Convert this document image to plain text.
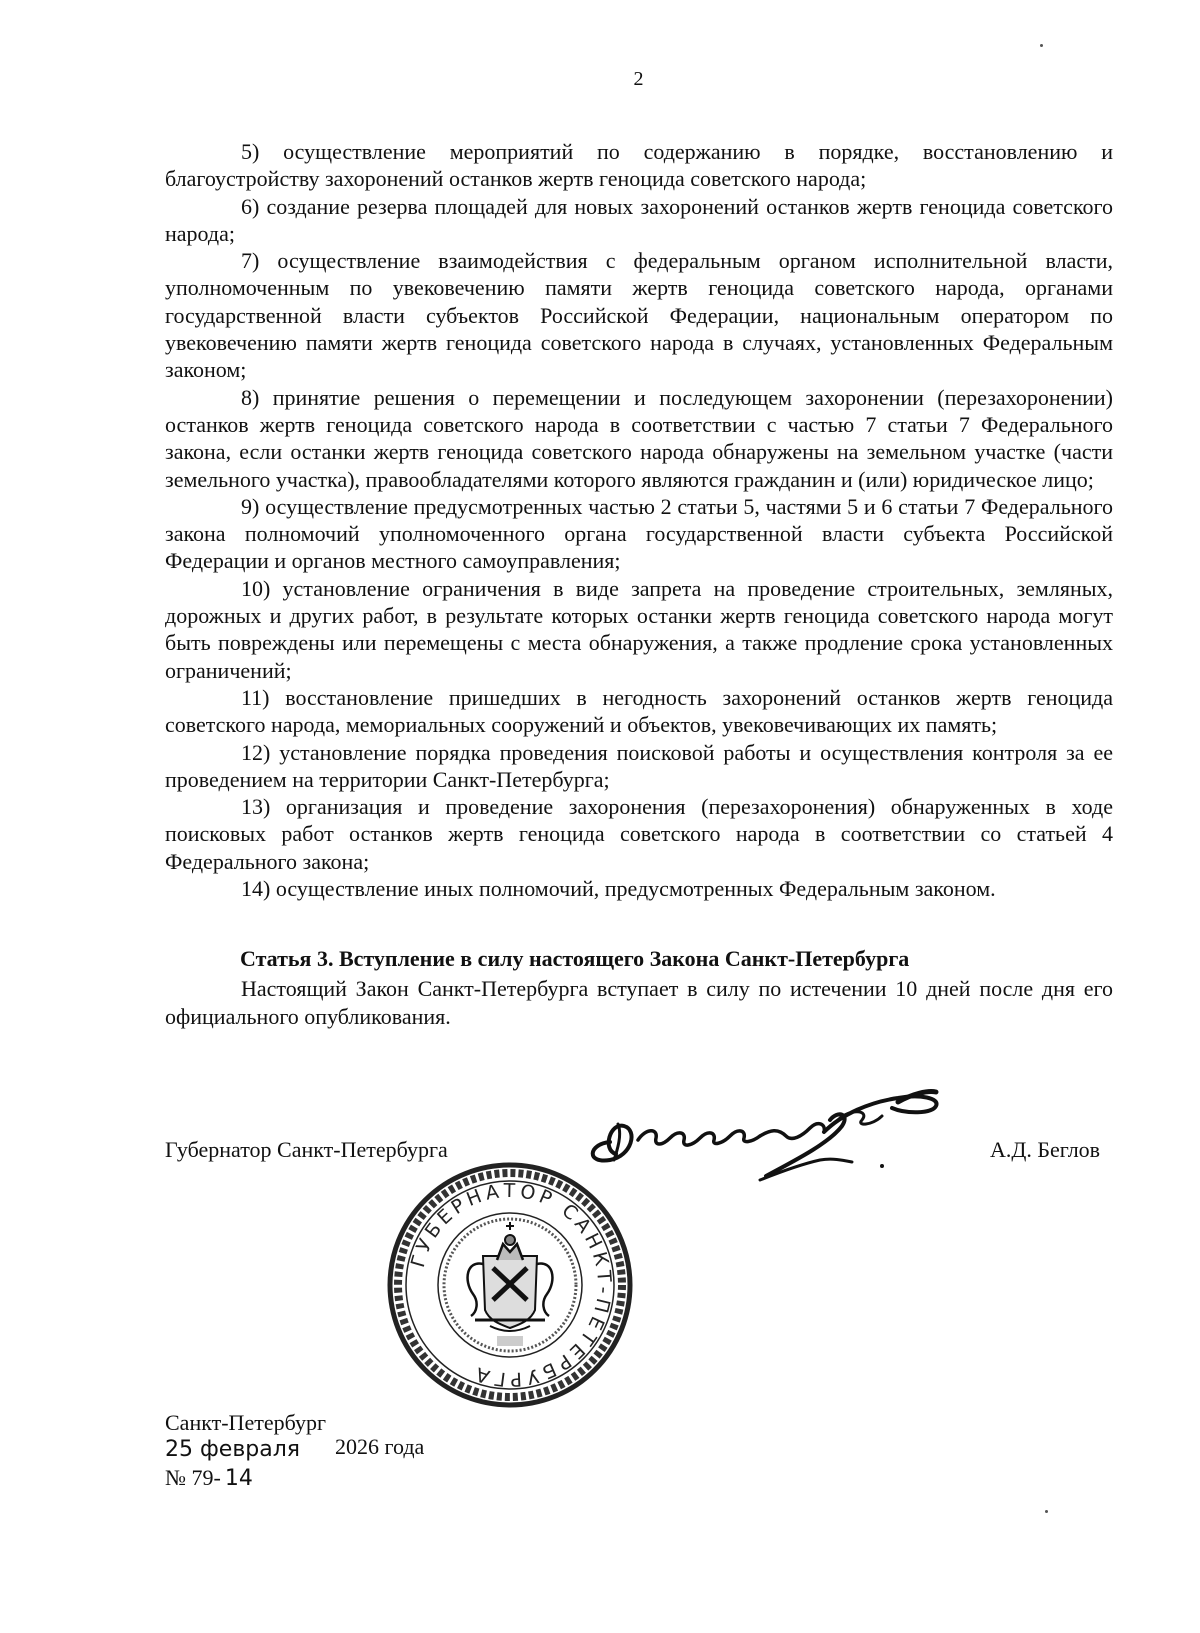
2

5) осуществление мероприятий по содержанию в порядке, восстановлению и благоустройству захоронений останков жертв геноцида советского народа;

6) создание резерва площадей для новых захоронений останков жертв геноцида советского народа;

7) осуществление взаимодействия с федеральным органом исполнительной власти, уполномоченным по увековечению памяти жертв геноцида советского народа, органами государственной власти субъектов Российской Федерации, национальным оператором по увековечению памяти жертв геноцида советского народа в случаях, установленных Федеральным законом;

8) принятие решения о перемещении и последующем захоронении (перезахоронении) останков жертв геноцида советского народа в соответствии с частью 7 статьи 7 Федерального закона, если останки жертв геноцида советского народа обнаружены на земельном участке (части земельного участка), правообладателями которого являются гражданин и (или) юридическое лицо;

9) осуществление предусмотренных частью 2 статьи 5, частями 5 и 6 статьи 7 Федерального закона полномочий уполномоченного органа государственной власти субъекта Российской Федерации и органов местного самоуправления;

10) установление ограничения в виде запрета на проведение строительных, земляных, дорожных и других работ, в результате которых останки жертв геноцида советского народа могут быть повреждены или перемещены с места обнаружения, а также продление срока установленных ограничений;

11) восстановление пришедших в негодность захоронений останков жертв геноцида советского народа, мемориальных сооружений и объектов, увековечивающих их память;

12) установление порядка проведения поисковой работы и осуществления контроля за ее проведением на территории Санкт-Петербурга;

13) организация и проведение захоронения (перезахоронения) обнаруженных в ходе поисковых работ останков жертв геноцида советского народа в соответствии со статьей 4 Федерального закона;

14) осуществление иных полномочий, предусмотренных Федеральным законом.

Статья 3. Вступление в силу настоящего Закона Санкт-Петербурга

Настоящий Закон Санкт-Петербурга вступает в силу по истечении 10 дней после дня его официального опубликования.

Губернатор Санкт-Петербурга	А.Д. Беглов
ГУБЕРНАТОР САНКТ-ПЕТЕРБУРГА
Санкт-Петербург
25 февраля 2026 года
№ 79- 14
